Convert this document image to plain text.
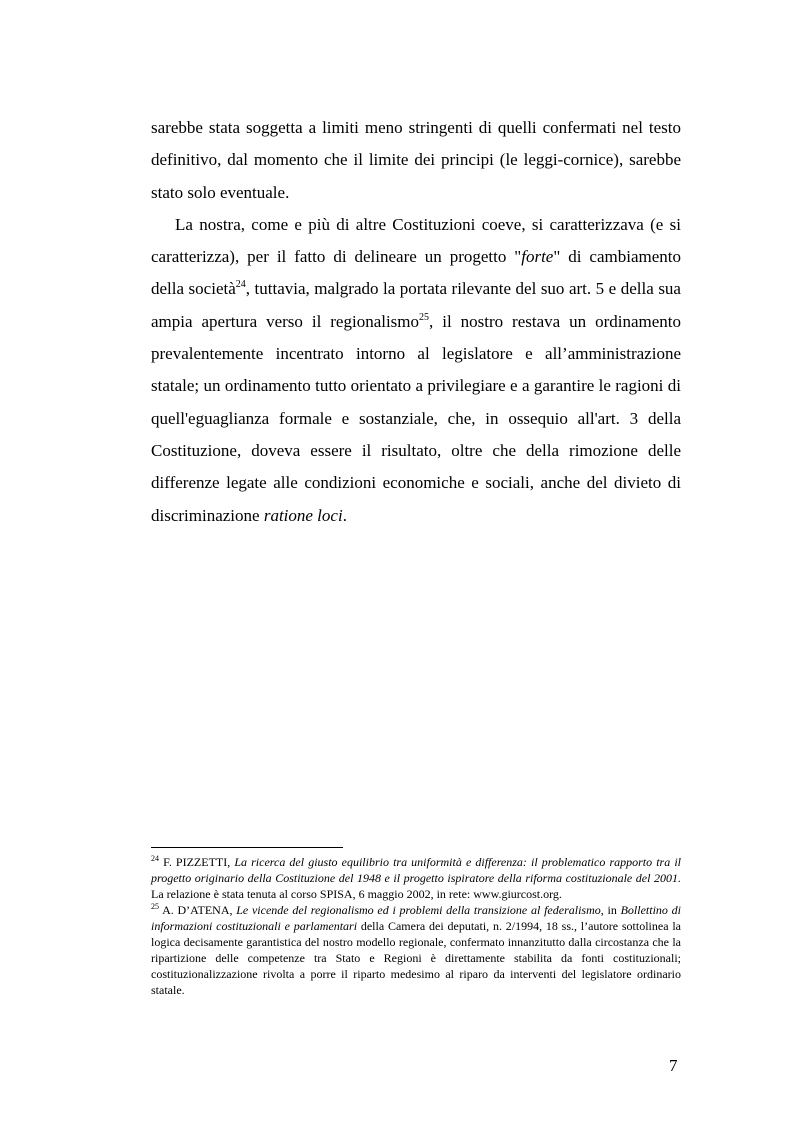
sarebbe stata soggetta a limiti meno stringenti di quelli confermati nel testo definitivo, dal momento che il limite dei principi (le leggi-cornice), sarebbe stato solo eventuale.

La nostra, come e più di altre Costituzioni coeve, si caratterizzava (e si caratterizza), per il fatto di delineare un progetto "forte" di cambiamento della società$^{24}$, tuttavia, malgrado la portata rilevante del suo art. 5 e della sua ampia apertura verso il regionalismo$^{25}$, il nostro restava un ordinamento prevalentemente incentrato intorno al legislatore e all’amministrazione statale; un ordinamento tutto orientato a privilegiare e a garantire le ragioni di quell'eguaglianza formale e sostanziale, che, in ossequio all'art. 3 della Costituzione, doveva essere il risultato, oltre che della rimozione delle differenze legate alle condizioni economiche e sociali, anche del divieto di discriminazione ratione loci.

$^{24}$ F. PIZZETTI, La ricerca del giusto equilibrio tra uniformità e differenza: il problematico rapporto tra il progetto originario della Costituzione del 1948 e il progetto ispiratore della riforma costituzionale del 2001. La relazione è stata tenuta al corso SPISA, 6 maggio 2002, in rete: www.giurcost.org.

$^{25}$ A. D’ATENA, Le vicende del regionalismo ed i problemi della transizione al federalismo, in Bollettino di informazioni costituzionali e parlamentari della Camera dei deputati, n. 2/1994, 18 ss., l’autore sottolinea la logica decisamente garantistica del nostro modello regionale, confermato innanzitutto dalla circostanza che la ripartizione delle competenze tra Stato e Regioni è direttamente stabilita da fonti costituzionali; costituzionalizzazione rivolta a porre il riparto medesimo al riparo da interventi del legislatore ordinario statale.

7
